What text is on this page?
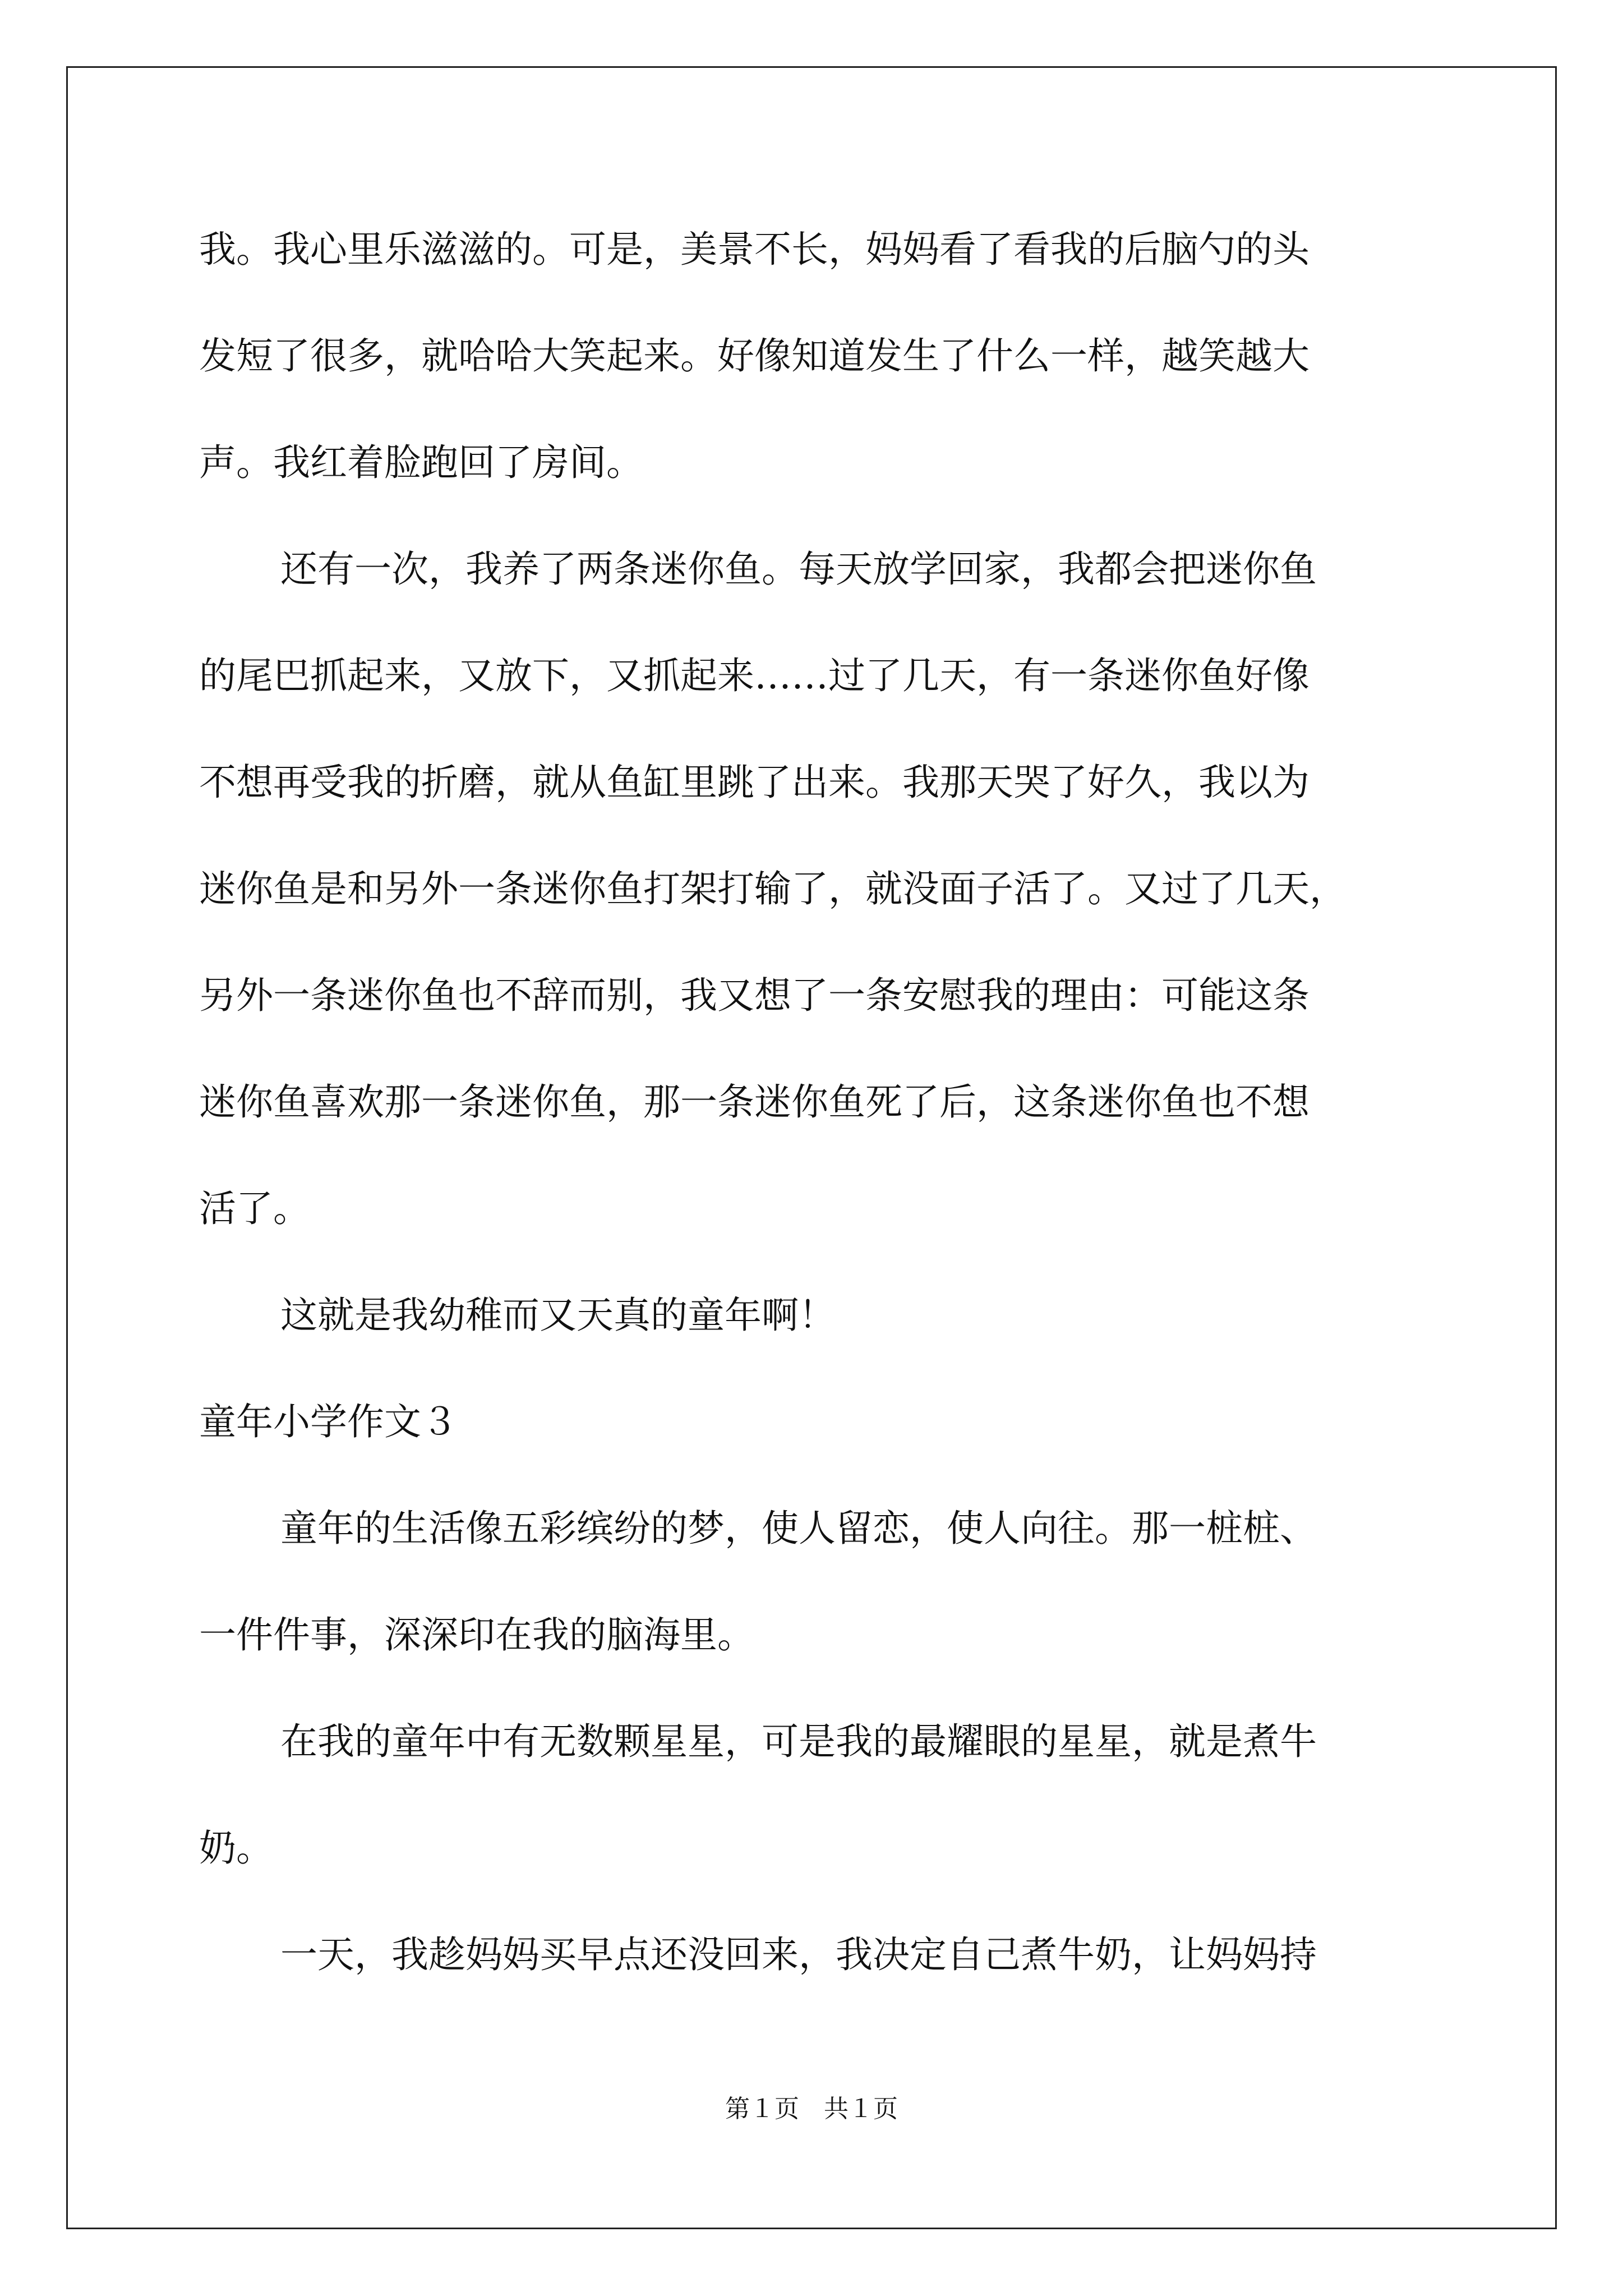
我。我心里乐滋滋的。可是，美景不长，妈妈看了看我的后脑勺的头

发短了很多，就哈哈大笑起来。好像知道发生了什么一样，越笑越大

声。我红着脸跑回了房间。

还有一次，我养了两条迷你鱼。每天放学回家，我都会把迷你鱼

的尾巴抓起来，又放下，又抓起来……过了几天，有一条迷你鱼好像

不想再受我的折磨，就从鱼缸里跳了出来。我那天哭了好久，我以为

迷你鱼是和另外一条迷你鱼打架打输了，就没面子活了。又过了几天，

另外一条迷你鱼也不辞而别，我又想了一条安慰我的理由：可能这条

迷你鱼喜欢那一条迷你鱼，那一条迷你鱼死了后，这条迷你鱼也不想

活了。

这就是我幼稚而又天真的童年啊！

童年小学作文３

童年的生活像五彩缤纷的梦，使人留恋，使人向往。那一桩桩、

一件件事，深深印在我的脑海里。

在我的童年中有无数颗星星，可是我的最耀眼的星星，就是煮牛

奶。

一天，我趁妈妈买早点还没回来，我决定自己煮牛奶，让妈妈持

第１页　共１页
